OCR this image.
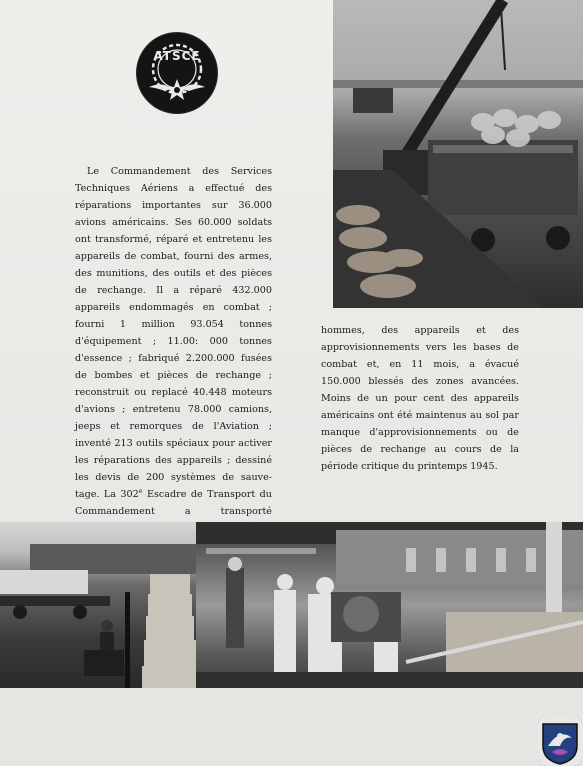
ATSCE

Le Commandement des Services Techniques Aériens a effectué des réparations importantes sur 36.000 avions américains. Ses 60.000 soldats ont transformé, réparé et entretenu les appareils de combat, fourni des armes, des munitions, des outils et des pièces de rechange. Il a réparé 432.000 appareils endommagés en combat ; fourni 1 million 93.054 tonnes d'équipement ; 11.00: 000 tonnes d'essence ; fabriqué 2.200.000 fusées de bombes et pièces de rechange ; reconstruit ou replacé 40.448 moteurs d'avions ; entretenu 78.000 camions, jeeps et remorques de l'Aviation ; inventé 213 outils spéciaux pour activer les réparations des appareils ; dessiné les devis de 200 systèmes de sauve-tage. La 302e Escadre de Transport du Commandement a transporté

hommes, des appareils et des approvisionnements vers les bases de combat et, en 11 mois, a évacué 150.000 blessés des zones avancées. Moins de un pour cent des appareils américains ont été maintenus au sol par manque d'approvisionnements ou de pièces de rechange au cours de la période critique du printemps 1945.
